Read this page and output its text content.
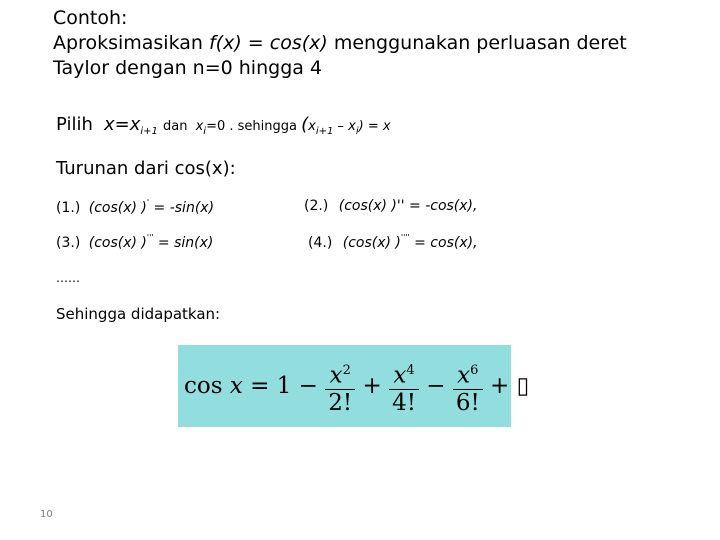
Contoh:
Aproksimasikan f(x) = cos(x) menggunakan perluasan deret
Taylor dengan n=0 hingga 4
Pilih $x=x_{i+1}$ dan $x_i=0$ . sehingga $(x_{i+1} - x_i) = x$
Turunan dari cos(x):
(1.) (cos(x) )' = -sin(x)	(2.) (cos(x) )'' = -cos(x),
(3.) (cos(x) )''' = sin(x)	(4.) (cos(x) )'''' = cos(x),
……
Sehingga didapatkan:
$\cos x = 1 - \frac{x^2}{2!} + \frac{x^4}{4!} - \frac{x^6}{6!}$ + ▯
10
